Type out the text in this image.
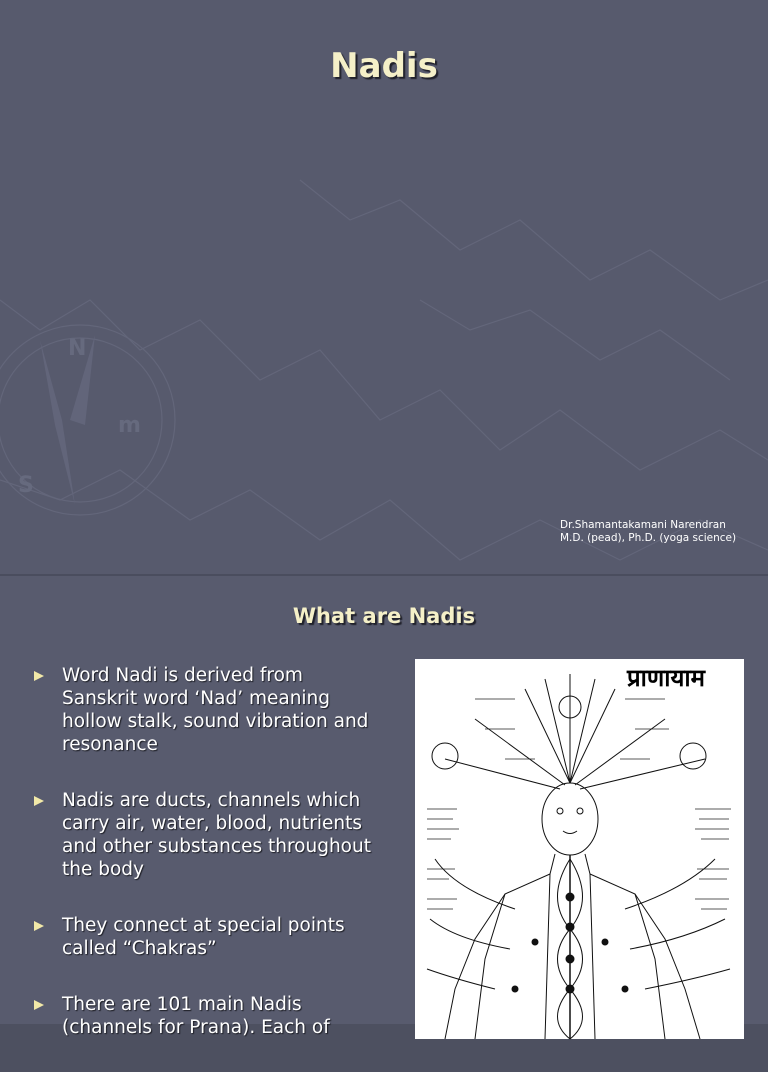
N
m
S
Nadis
Dr.Shamantakamani Narendran
M.D. (pead), Ph.D. (yoga science)
What are Nadis
Word Nadi is derived from Sanskrit word ‘Nad’ meaning hollow stalk, sound vibration and resonance
Nadis are ducts, channels which carry air, water, blood, nutrients and other substances throughout the body
They connect at special points called “Chakras”
There are 101 main Nadis (channels for Prana). Each of
प्राणायाम
